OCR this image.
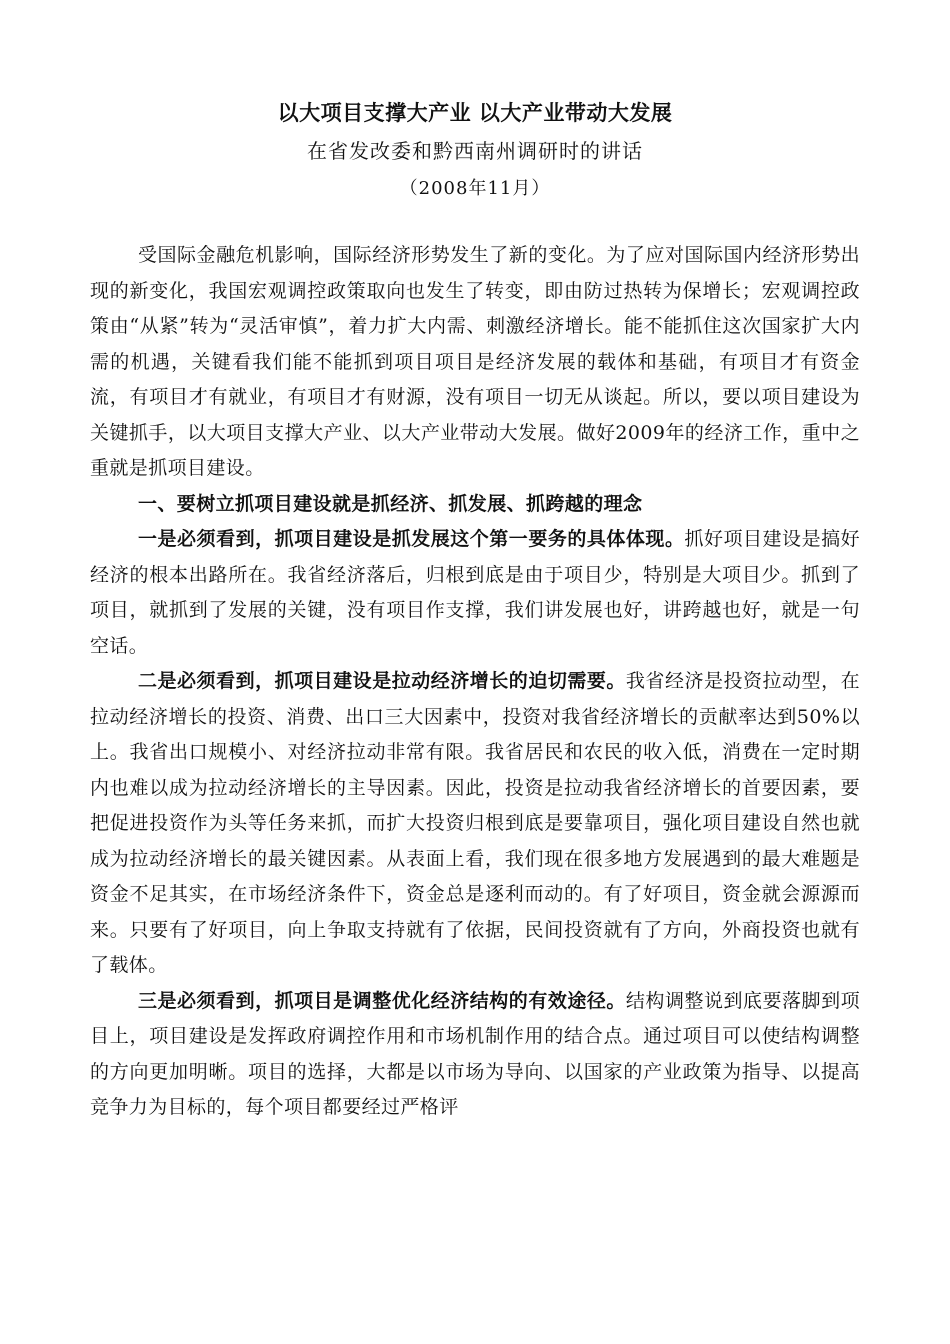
以大项目支撑大产业 以大产业带动大发展
在省发改委和黔西南州调研时的讲话
（2008年11月）

受国际金融危机影响，国际经济形势发生了新的变化。为了应对国际国内经济形势出现的新变化，我国宏观调控政策取向也发生了转变，即由防过热转为保增长；宏观调控政策由“从紧”转为“灵活审慎”，着力扩大内需、刺激经济增长。能不能抓住这次国家扩大内需的机遇，关键看我们能不能抓到项目项目是经济发展的载体和基础，有项目才有资金流，有项目才有就业，有项目才有财源，没有项目一切无从谈起。所以，要以项目建设为关键抓手，以大项目支撑大产业、以大产业带动大发展。做好2009年的经济工作，重中之重就是抓项目建设。

一、要树立抓项目建设就是抓经济、抓发展、抓跨越的理念

一是必须看到，抓项目建设是抓发展这个第一要务的具体体现。抓好项目建设是搞好经济的根本出路所在。我省经济落后，归根到底是由于项目少，特别是大项目少。抓到了项目，就抓到了发展的关键，没有项目作支撑，我们讲发展也好，讲跨越也好，就是一句空话。

二是必须看到，抓项目建设是拉动经济增长的迫切需要。我省经济是投资拉动型，在拉动经济增长的投资、消费、出口三大因素中，投资对我省经济增长的贡献率达到50%以上。我省出口规模小、对经济拉动非常有限。我省居民和农民的收入低，消费在一定时期内也难以成为拉动经济增长的主导因素。因此，投资是拉动我省经济增长的首要因素，要把促进投资作为头等任务来抓，而扩大投资归根到底是要靠项目，强化项目建设自然也就成为拉动经济增长的最关键因素。从表面上看，我们现在很多地方发展遇到的最大难题是资金不足其实，在市场经济条件下，资金总是逐利而动的。有了好项目，资金就会源源而来。只要有了好项目，向上争取支持就有了依据，民间投资就有了方向，外商投资也就有了载体。

三是必须看到，抓项目是调整优化经济结构的有效途径。结构调整说到底要落脚到项目上，项目建设是发挥政府调控作用和市场机制作用的结合点。通过项目可以使结构调整的方向更加明晰。项目的选择，大都是以市场为导向、以国家的产业政策为指导、以提高竞争力为目标的，每个项目都要经过严格评
